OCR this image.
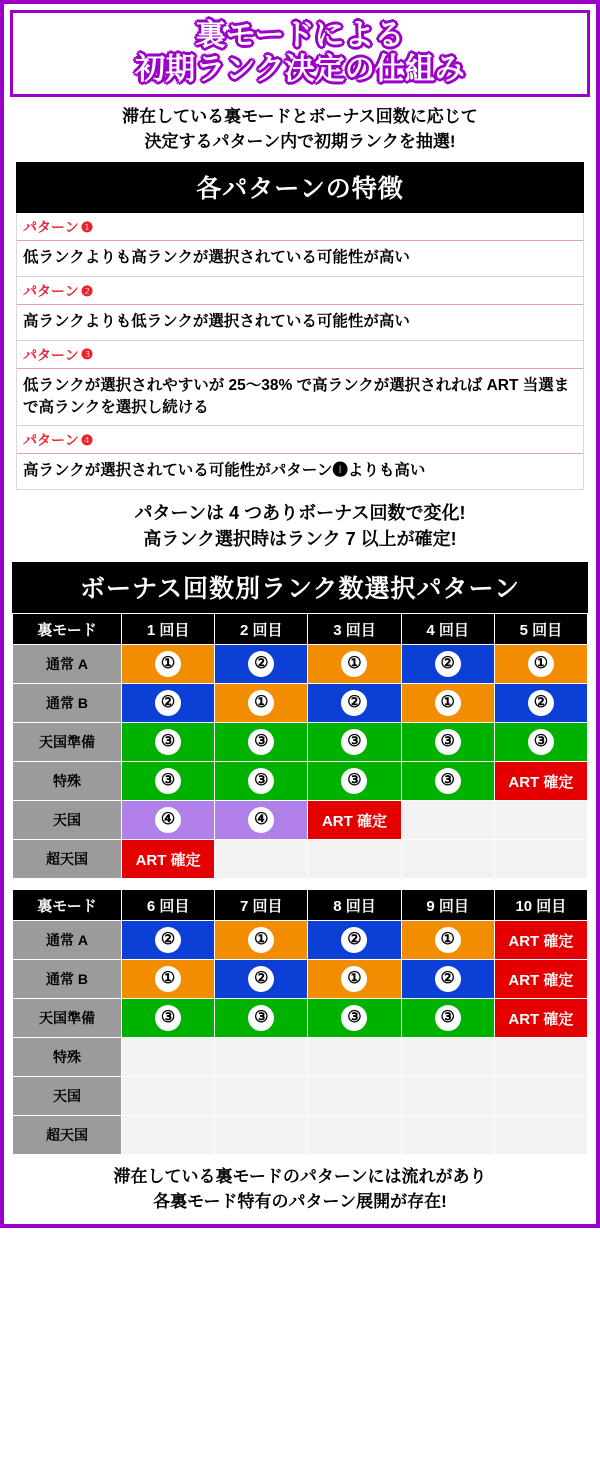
裏モードによる
初期ランク決定の仕組み
滞在している裏モードとボーナス回数に応じて
決定するパターン内で初期ランクを抽選!
各パターンの特徴
パターン ❶
低ランクよりも高ランクが選択されている可能性が高い
パターン ❷
高ランクよりも低ランクが選択されている可能性が高い
パターン ❸
低ランクが選択されやすいが 25〜38% で高ランクが選択されれば ART 当選まで高ランクを選択し続ける
パターン ❹
高ランクが選択されている可能性がパターン❶よりも高い
パターンは 4 つありボーナス回数で変化!
高ランク選択時はランク 7 以上が確定!
ボーナス回数別ランク数選択パターン
裏モード	1 回目	2 回目	3 回目	4 回目	5 回目
通常 A	①	②	①	②	①
通常 B	②	①	②	①	②
天国準備	③	③	③	③	③
特殊	③	③	③	③	ART 確定
天国	④	④	ART 確定		
超天国	ART 確定				
裏モード	6 回目	7 回目	8 回目	9 回目	10 回目
通常 A	②	①	②	①	ART 確定
通常 B	①	②	①	②	ART 確定
天国準備	③	③	③	③	ART 確定
特殊					
天国					
超天国					
滞在している裏モードのパターンには流れがあり
各裏モード特有のパターン展開が存在!
